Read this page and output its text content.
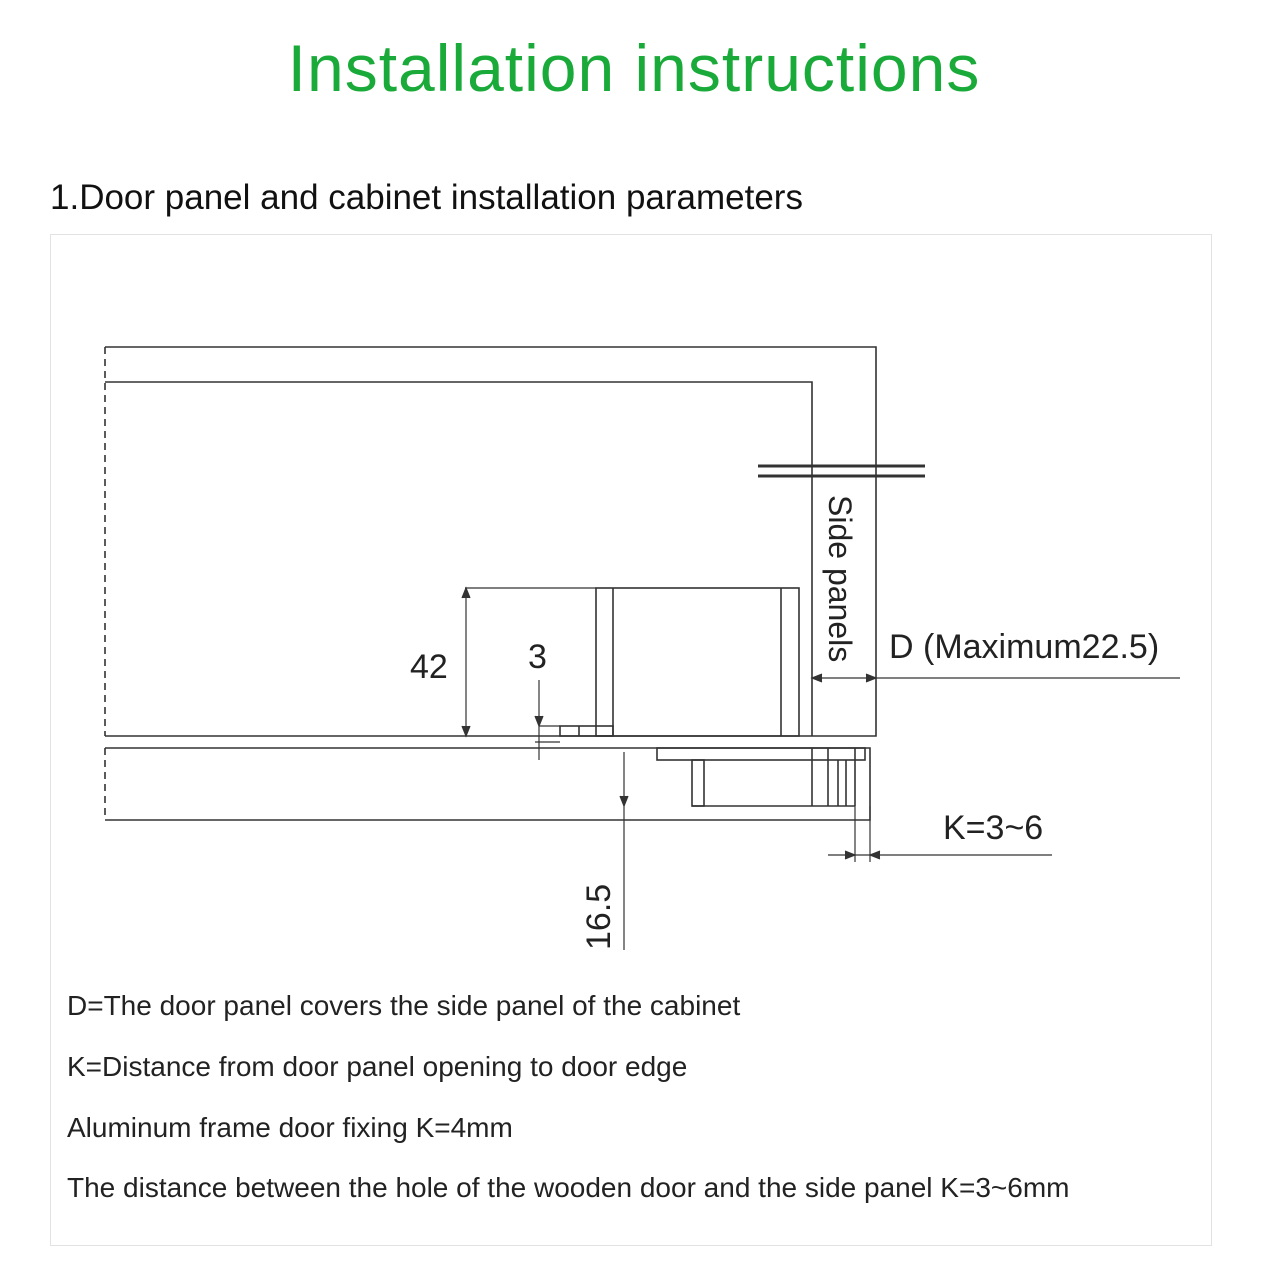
Installation instructions
1.Door panel and cabinet installation parameters
42 3	Side panels D (Maximum22.5)
K=3~6
16.5

D=The door panel covers the side panel of the cabinet

K=Distance from door panel opening to door edge

Aluminum frame door fixing K=4mm

The distance between the hole of the wooden door and the side panel K=3~6mm
